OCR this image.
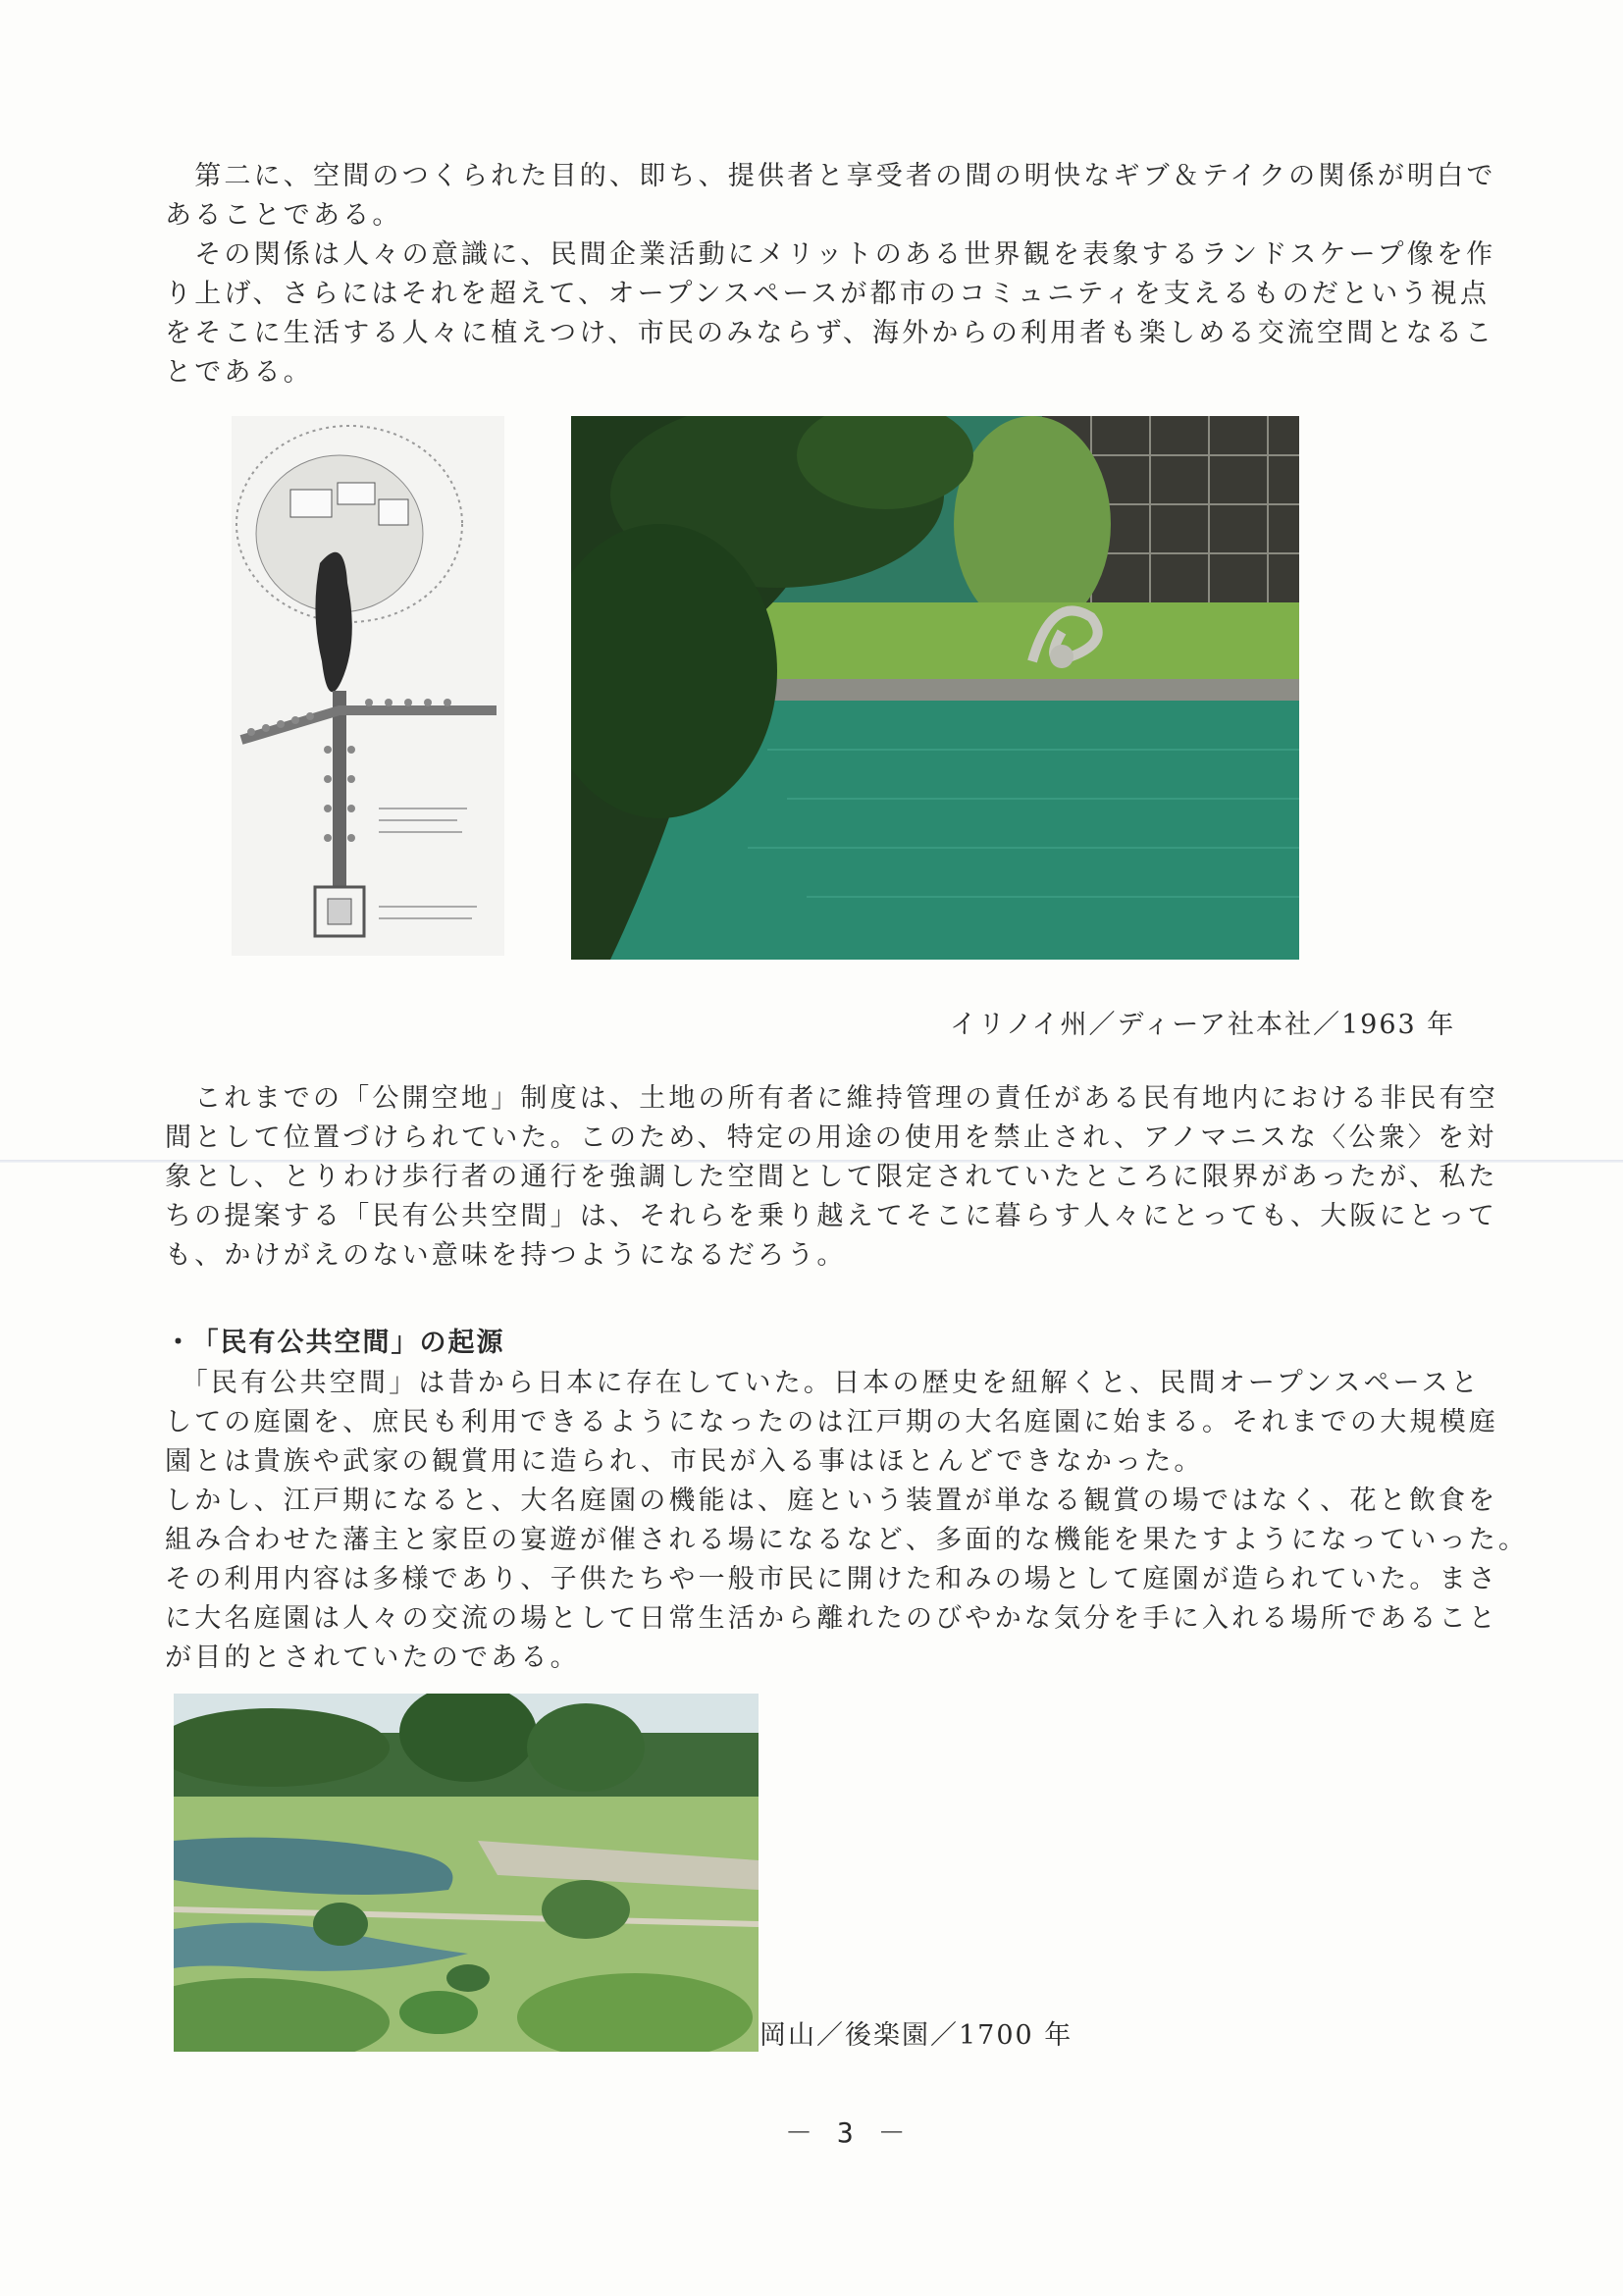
　第二に、空間のつくられた目的、即ち、提供者と享受者の間の明快なギブ＆テイクの関係が明白で
あることである。
　その関係は人々の意識に、民間企業活動にメリットのある世界観を表象するランドスケープ像を作
り上げ、さらにはそれを超えて、オープンスペースが都市のコミュニティを支えるものだという視点
をそこに生活する人々に植えつけ、市民のみならず、海外からの利用者も楽しめる交流空間となるこ
とである。
イリノイ州／ディーア社本社／1963 年
　これまでの「公開空地」制度は、土地の所有者に維持管理の責任がある民有地内における非民有空
間として位置づけられていた。このため、特定の用途の使用を禁止され、アノマニスな〈公衆〉を対
象とし、とりわけ歩行者の通行を強調した空間として限定されていたところに限界があったが、私た
ちの提案する「民有公共空間」は、それらを乗り越えてそこに暮らす人々にとっても、大阪にとって
も、かけがえのない意味を持つようになるだろう。
・ 「民有公共空間」の起源
　「民有公共空間」は昔から日本に存在していた。日本の歴史を紐解くと、民間オープンスペースと
しての庭園を、庶民も利用できるようになったのは江戸期の大名庭園に始まる。それまでの大規模庭
園とは貴族や武家の観賞用に造られ、市民が入る事はほとんどできなかった。
しかし、江戸期になると、大名庭園の機能は、庭という装置が単なる観賞の場ではなく、花と飲食を
組み合わせた藩主と家臣の宴遊が催される場になるなど、多面的な機能を果たすようになっていった。
その利用内容は多様であり、子供たちや一般市民に開けた和みの場として庭園が造られていた。まさ
に大名庭園は人々の交流の場として日常生活から離れたのびやかな気分を手に入れる場所であること
が目的とされていたのである。
岡山／後楽園／1700 年
－ 3 －
